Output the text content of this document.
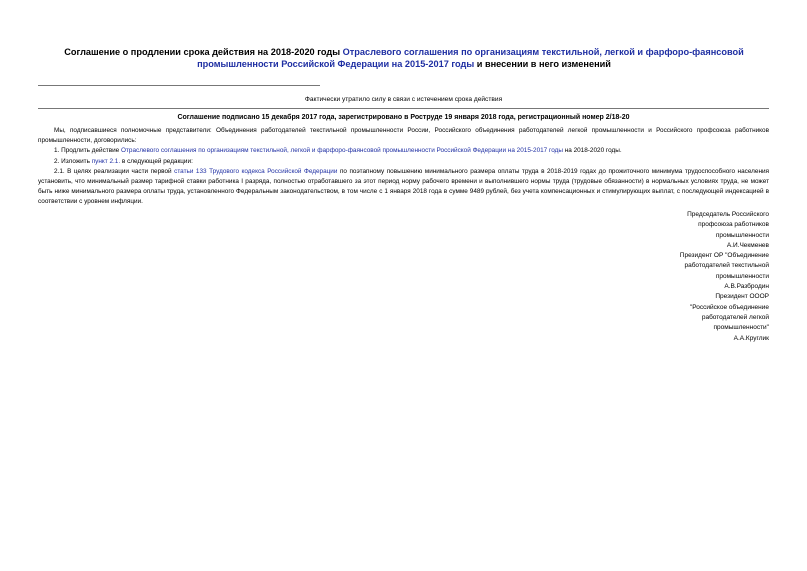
Соглашение о продлении срока действия на 2018-2020 годы Отраслевого соглашения по организациям текстильной, легкой и фарфоро-фаянсовой промышленности Российской Федерации на 2015-2017 годы и внесении в него изменений
Фактически утратило силу в связи с истечением срока действия
Соглашение подписано 15 декабря 2017 года, зарегистрировано в Роструде 19 января 2018 года, регистрационный номер 2/18-20

Мы, подписавшиеся полномочные представители: Объединения работодателей текстильной промышленности России, Российского объединения работодателей легкой промышленности и Российского профсоюза работников промышленности, договорились:

1. Продлить действие Отраслевого соглашения по организациям текстильной, легкой и фарфоро-фаянсовой промышленности Российской Федерации на 2015-2017 годы на 2018-2020 годы.

2. Изложить пункт 2.1. в следующей редакции:

2.1. В целях реализации части первой статьи 133 Трудового кодекса Российской Федерации по поэтапному повышению минимального размера оплаты труда в 2018-2019 годах до прожиточного минимума трудоспособного населения установить, что минимальный размер тарифной ставки работника I разряда, полностью отработавшего за этот период норму рабочего времени и выполнившего нормы труда (трудовые обязанности) в нормальных условиях труда, не может быть ниже минимального размера оплаты труда, установленного Федеральным законодательством, в том числе с 1 января 2018 года в сумме 9489 рублей, без учета компенсационных и стимулирующих выплат, с последующей индексацией в соответствии с уровнем инфляции.

Председатель Российского
профсоюза работников
промышленности
А.И.Чекменев
Президент ОР "Объединение
работодателей текстильной
промышленности
А.В.Разбродин
Президент ОООР
"Российское объединение
работодателей легкой
промышленности"
А.А.Круглик
